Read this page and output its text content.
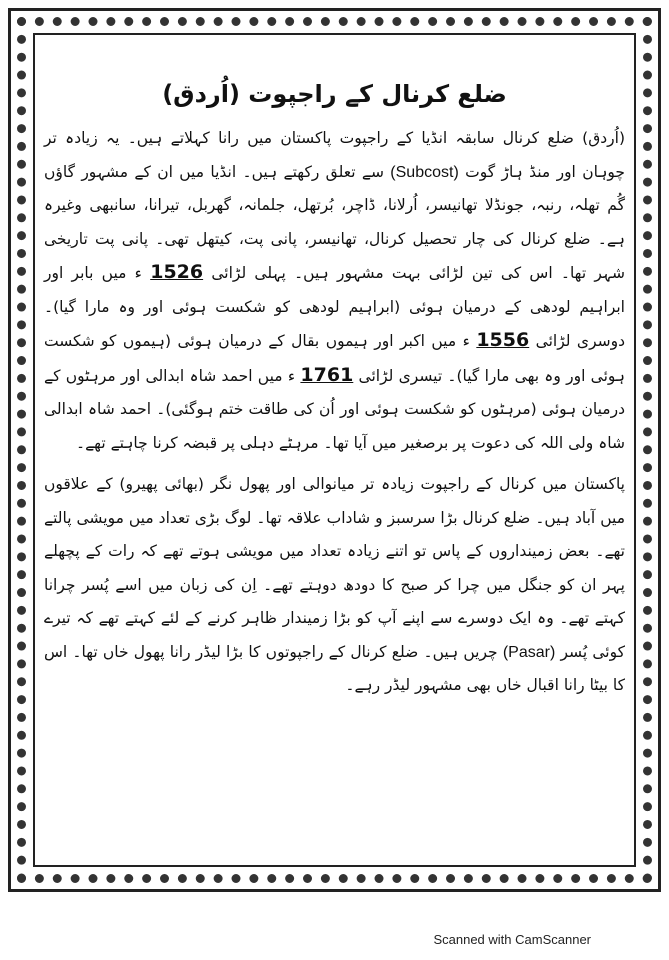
ضلع کرنال کے راجپوت (اُردق)

(اُردق) ضلع کرنال سابقہ انڈیا کے راجپوت پاکستان میں رانا کہلاتے ہیں۔ یہ زیادہ تر چوہان اور منڈ ہاڑ گوت (Subcost) سے تعلق رکھتے ہیں۔ انڈیا میں ان کے مشہور گاؤں گُم تھلہ، رنبہ، جونڈلا تھانیسر، اُرلانا، ڈاچر، بُرتھل، جلمانہ، گھربل، تیرانا، سانبھی وغیرہ ہے۔ ضلع کرنال کی چار تحصیل کرنال، تھانیسر، پانی پت، کیتھل تھی۔ پانی پت تاریخی شہر تھا۔ اس کی تین لڑائی بہت مشہور ہیں۔ پہلی لڑائی 1526 ء میں بابر اور ابراہیم لودھی کے درمیان ہوئی (ابراہیم لودھی کو شکست ہوئی اور وہ مارا گیا)۔ دوسری لڑائی 1556 ء میں اکبر اور ہیموں بقال کے درمیان ہوئی (ہیموں کو شکست ہوئی اور وہ بھی مارا گیا)۔ تیسری لڑائی 1761 ء میں احمد شاہ ابدالی اور مرہٹوں کے درمیان ہوئی (مرہٹوں کو شکست ہوئی اور اُن کی طاقت ختم ہوگئی)۔ احمد شاہ ابدالی شاہ ولی اللہ کی دعوت پر برصغیر میں آیا تھا۔ مرہٹے دہلی پر قبضہ کرنا چاہتے تھے۔

پاکستان میں کرنال کے راجپوت زیادہ تر میانوالی اور پھول نگر (بھائی پھیرو) کے علاقوں میں آباد ہیں۔ ضلع کرنال بڑا سرسبز و شاداب علاقہ تھا۔ لوگ بڑی تعداد میں مویشی پالتے تھے۔ بعض زمینداروں کے پاس تو اتنے زیادہ تعداد میں مویشی ہوتے تھے کہ رات کے پچھلے پہر ان کو جنگل میں چرا کر صبح کا دودھ دوہتے تھے۔ اِن کی زبان میں اسے پُسر چرانا کہتے تھے۔ وہ ایک دوسرے سے اپنے آپ کو بڑا زمیندار ظاہر کرنے کے لئے کہتے تھے کہ تیرے کوئی پُسر (Pasar) چریں ہیں۔ ضلع کرنال کے راجپوتوں کا بڑا لیڈر رانا پھول خاں تھا۔ اس کا بیٹا رانا اقبال خاں بھی مشہور لیڈر رہے۔

Scanned with CamScanner
